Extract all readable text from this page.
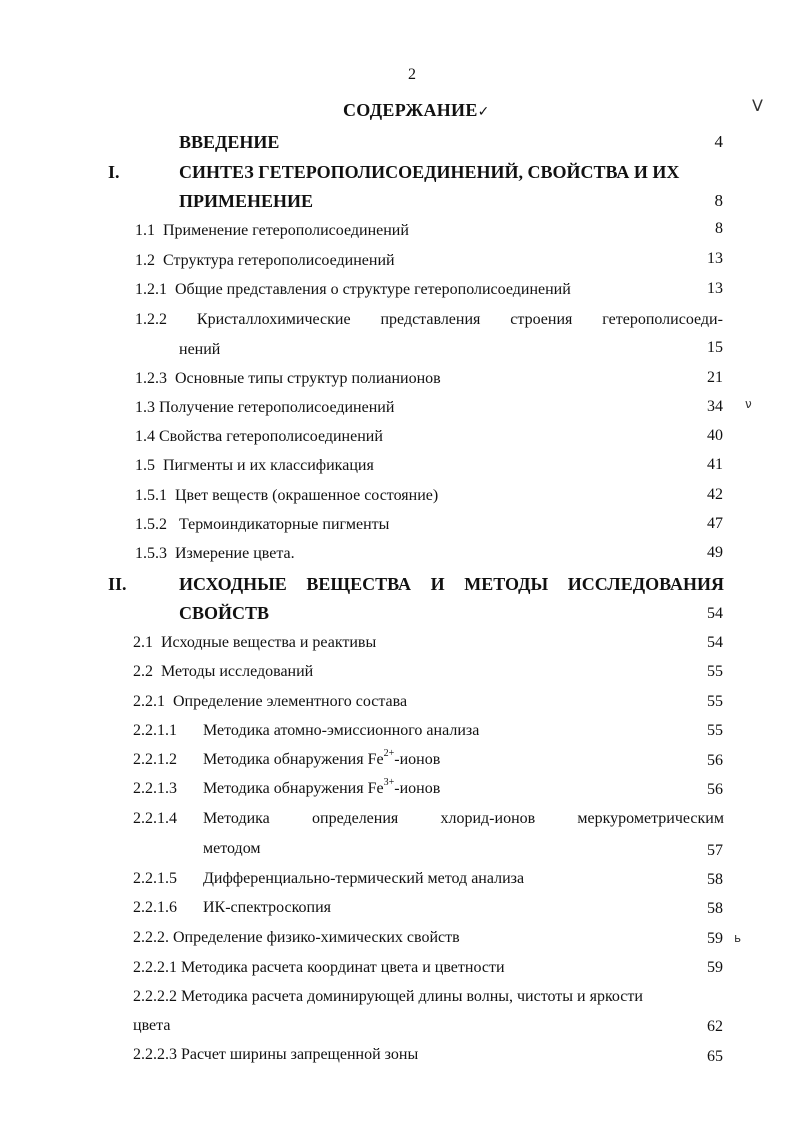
2
СОДЕРЖАНИЕ✓	V
ВВЕДЕНИЕ	4
I.	СИНТЕЗ ГЕТЕРОПОЛИСОЕДИНЕНИЙ, СВОЙСТВА И ИХ
ПРИМЕНЕНИЕ	8
1.1 Применение гетерополисоединений	8
1.2 Структура гетерополисоединений	13
1.2.1 Общие представления о структуре гетерополисоединений	13
1.2.2 Кристаллохимические представления строения гетерополисоеди-
нений	15
1.2.3 Основные типы структур полианионов	21
1.3 Получение гетерополисоединений	34 ν
1.4 Свойства гетерополисоединений	40
1.5 Пигменты и их классификация	41
1.5.1 Цвет веществ (окрашенное состояние)	42
1.5.2 Термоиндикаторные пигменты	47
1.5.3 Измерение цвета.	49
II.	ИСХОДНЫЕ ВЕЩЕСТВА И МЕТОДЫ ИССЛЕДОВАНИЯ
СВОЙСТВ	54
2.1 Исходные вещества и реактивы	54
2.2 Методы исследований	55
2.2.1 Определение элементного состава	55
2.2.1.1 Методика атомно-эмиссионного анализа	55
2.2.1.2 Методика обнаружения $Fe^{2+}$-ионов	56
2.2.1.3 Методика обнаружения $Fe^{3+}$-ионов	56
2.2.1.4 Методика	определения	хлорид-ионов	меркурометрическим
методом	57
2.2.1.5 Дифференциально-термический метод анализа	58
2.2.1.6 ИК-спектроскопия	58
2.2.2. Определение физико-химических свойств	59 ь
2.2.2.1 Методика расчета координат цвета и цветности	59
2.2.2.2 Методика расчета доминирующей длины волны, чистоты и яркости
цвета	62
2.2.2.3 Расчет ширины запрещенной зоны	65
